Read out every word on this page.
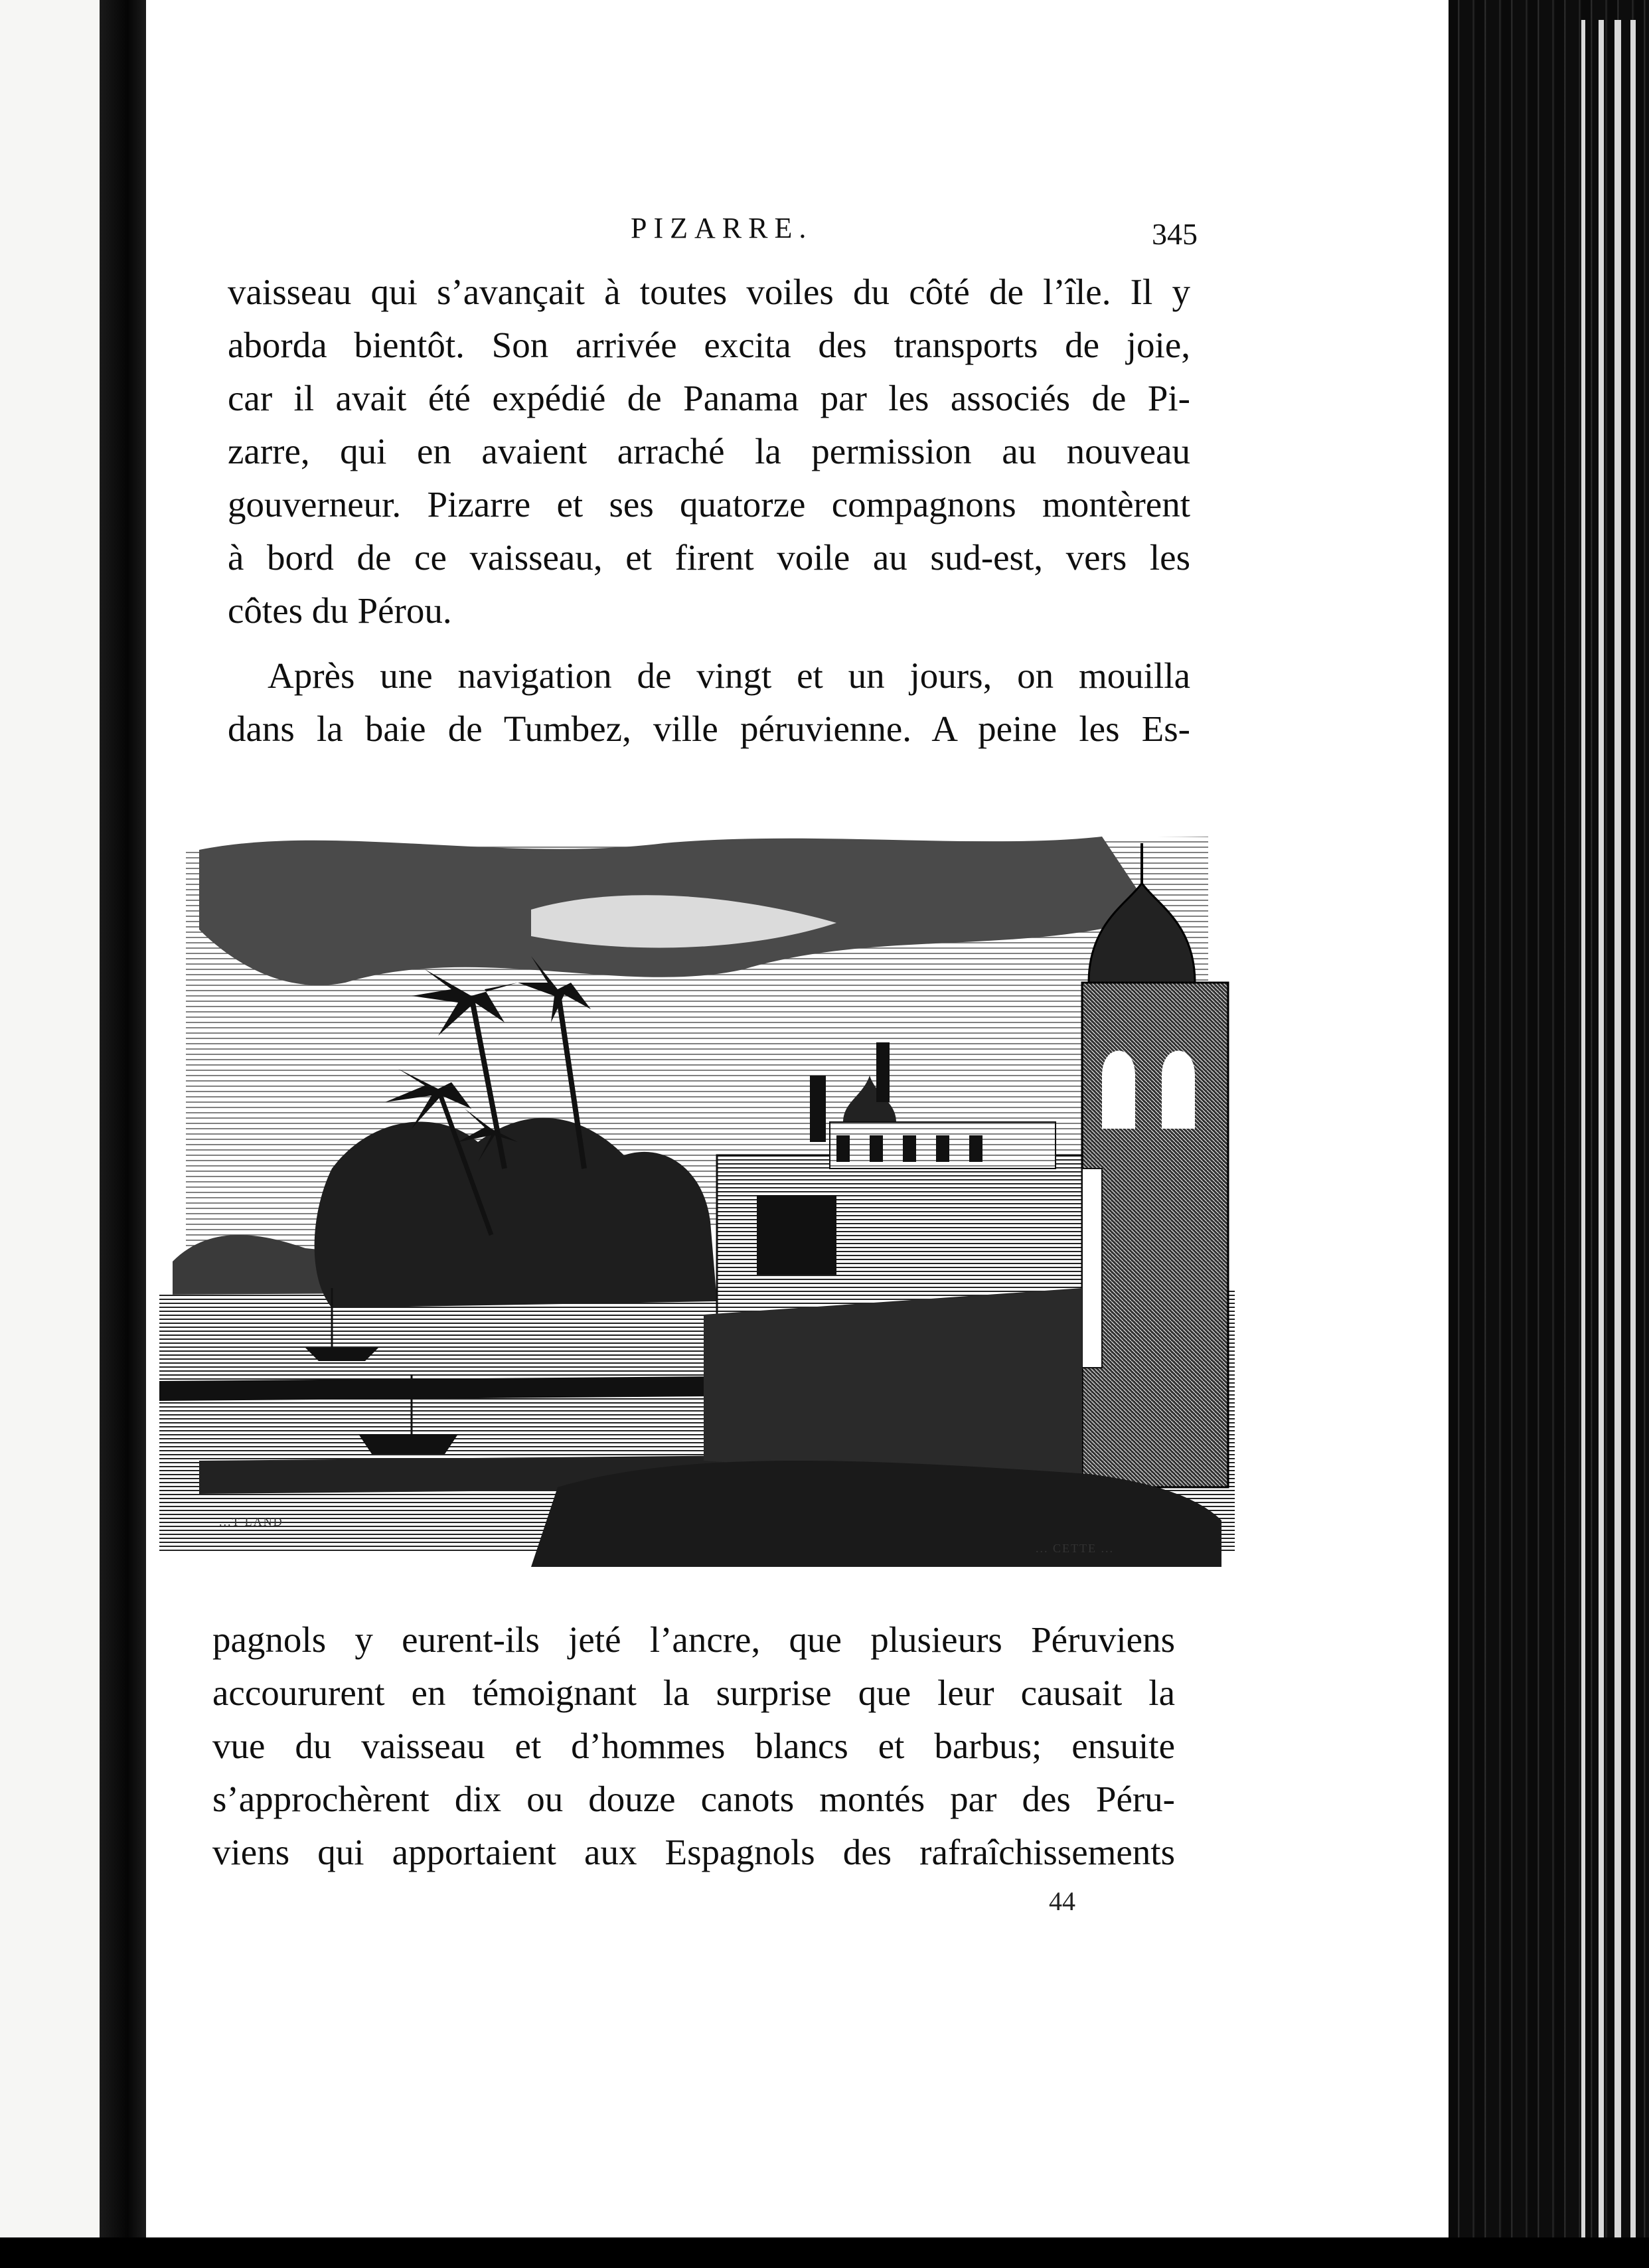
PIZARRE.	345
vaisseau qui s’avançait à toutes voiles du côté de l’île. Il y
aborda bientôt. Son arrivée excita des transports de joie,
car il avait été expédié de Panama par les associés de Pi-
zarre, qui en avaient arraché la permission au nouveau
gouverneur. Pizarre et ses quatorze compagnons montèrent
à bord de ce vaisseau, et firent voile au sud-est, vers les
côtes du Pérou.
Après une navigation de vingt et un jours, on mouilla
dans la baie de Tumbez, ville péruvienne. A peine les Es-
...T LAND
... CETTE ...
pagnols y eurent-ils jeté l’ancre, que plusieurs Péruviens
accoururent en témoignant la surprise que leur causait la
vue du vaisseau et d’hommes blancs et barbus; ensuite
s’approchèrent dix ou douze canots montés par des Péru-
viens qui apportaient aux Espagnols des rafraîchissements
44
